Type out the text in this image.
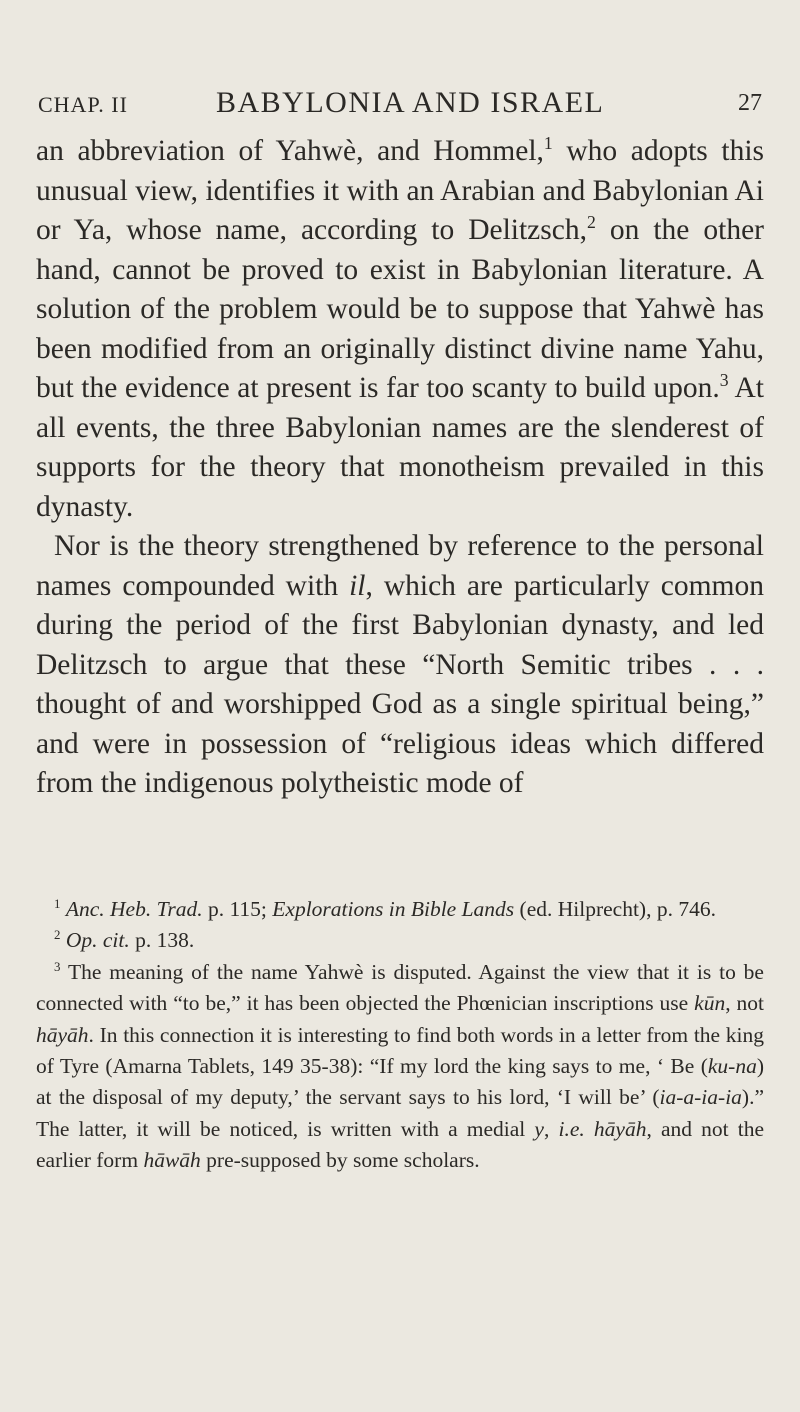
CHAP. II	BABYLONIA AND ISRAEL	27

an abbreviation of Yahwè, and Hommel,$^1$ who adopts this unusual view, identifies it with an Arabian and Babylonian Ai or Ya, whose name, according to Delitzsch,$^2$ on the other hand, cannot be proved to exist in Babylonian literature. A solution of the problem would be to suppose that Yahwè has been modified from an originally distinct divine name Yahu, but the evidence at present is far too scanty to build upon.$^3$ At all events, the three Babylonian names are the slenderest of supports for the theory that monotheism prevailed in this dynasty.

Nor is the theory strengthened by reference to the personal names compounded with il, which are particularly common during the period of the first Babylonian dynasty, and led Delitzsch to argue that these “North Semitic tribes . . . thought of and worshipped God as a single spiritual being,” and were in possession of “religious ideas which differed from the indigenous polytheistic mode of

$^1$ Anc. Heb. Trad. p. 115; Explorations in Bible Lands (ed. Hilprecht), p. 746.

$^2$ Op. cit. p. 138.

$^3$ The meaning of the name Yahwè is disputed. Against the view that it is to be connected with “to be,” it has been objected the Phœnician inscriptions use kūn, not hāyāh. In this connection it is interesting to find both words in a letter from the king of Tyre (Amarna Tablets, 149 35-38): “If my lord the king says to me, ‘ Be (ku-na) at the disposal of my deputy,’ the servant says to his lord, ‘I will be’ (ia-a-ia-ia).” The latter, it will be noticed, is written with a medial y, i.e. hāyāh, and not the earlier form hāwāh pre-supposed by some scholars.
